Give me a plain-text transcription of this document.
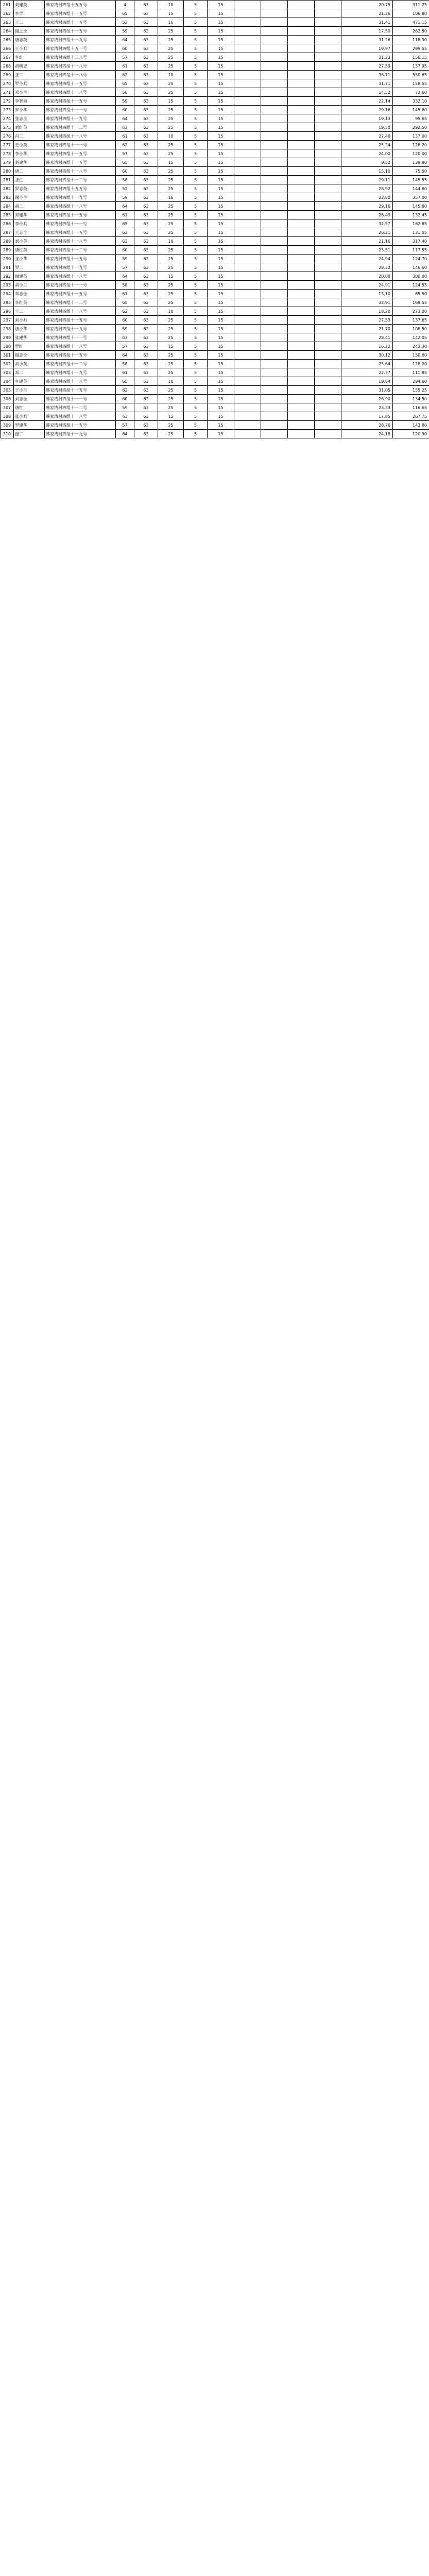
261	刘建英	韩家湾村四组十五五号	4	63	10	5	15					20.75	311.25
262	李学	韩家湾村四组十一五号	65	63	15	5	15					21.36	106.80
263	王二	韩家湾村四组十一五号	52	63	16	5	15					31.41	471.15
264	谢之全	韩家湾村四组十一五号	59	63	25	5	15					17.50	262.50
265	唐志英	韩家湾村四组十一九号	64	63	25	5	15					31.26	118.90
266	王小兵	韩家湾村四组十五一号	60	63	25	5	15					19.97	299.55
267	李红	韩家湾村四组十二八号	57	63	25	5	15					31.23	156.15
268	胡明忠	韩家湾村四组十一八号	61	63	25	5	15					27.59	137.95
269	张二	韩家湾村四组十一八号	62	63	10	5	15					36.71	550.65
270	罗小兵	韩家湾村四组十一五号	65	63	25	5	15					31.71	158.55
271	邓小兰	韩家湾村四组十一八号	58	63	25	5	15					14.52	72.60
272	李智泉	韩家湾村四组十一五号	59	63	15	5	15					22.14	332.10
273	罗小华	韩家湾村四组十一一号	60	63	25	5	15					29.16	145.80
274	张志全	韩家湾村四组十一九号	64	63	25	5	15					19.13	95.65
275	刘红英	韩家湾村四组十一二号	63	63	25	5	15					19.50	292.50
276	肖二	韩家湾村四组十一八号	61	63	10	5	15					27.40	137.00
277	王小英	韩家湾村四组十一一号	62	63	25	5	15					25.24	126.20
278	李小华	韩家湾村四组十一五号	57	63	25	5	15					24.00	120.00
279	刘建华	韩家湾村四组十一五号	65	63	15	5	15					9.32	139.80
280	唐二	韩家湾村四组十一八号	60	63	25	5	15					15.10	75.50
281	张红	韩家湾村四组十一二号	58	63	25	5	15					29.11	145.55
282	罗志英	韩家湾村四组十五五号	52	63	25	5	15					28.92	144.60
283	谢小兰	韩家湾村四组十一九号	59	63	16	5	15					23.80	357.00
284	胡二	韩家湾村四组十一八号	64	63	25	5	15					29.16	145.80
285	邓建华	韩家湾村四组十一五号	61	63	25	5	15					26.49	132.45
286	李小兵	韩家湾村四组十一一号	65	63	25	5	15					32.57	162.85
287	王志全	韩家湾村四组十一五号	62	63	25	5	15					26.21	131.05
288	刘小英	韩家湾村四组十一八号	63	63	10	5	15					21.16	317.40
289	唐红英	韩家湾村四组十一二号	60	63	25	5	15					23.51	117.55
290	张小华	韩家湾村四组十一五号	59	63	25	5	15					24.94	124.70
291	罗二	韩家湾村四组十一九号	57	63	25	5	15					29.32	146.60
292	谢建英	韩家湾村四组十一八号	64	63	15	5	15					20.00	300.00
293	胡小兰	韩家湾村四组十一一号	58	63	25	5	15					24.91	124.55
294	邓志全	韩家湾村四组十一五号	61	63	25	5	15					13.10	65.50
295	李红英	韩家湾村四组十一二号	65	63	25	5	15					33.91	169.55
296	王二	韩家湾村四组十一八号	62	63	10	5	15					18.20	273.00
297	刘小兵	韩家湾村四组十一五号	60	63	25	5	15					27.53	137.65
298	唐小华	韩家湾村四组十一九号	59	63	25	5	15					21.70	108.50
299	张建华	韩家湾村四组十一一号	63	63	25	5	15					28.41	142.05
300	罗红	韩家湾村四组十一八号	57	63	15	5	15					16.22	243.30
301	谢志全	韩家湾村四组十一五号	64	63	25	5	15					30.12	150.60
302	胡小英	韩家湾村四组十一二号	58	63	25	5	15					25.64	128.20
303	邓二	韩家湾村四组十一九号	61	63	25	5	15					22.37	111.85
304	李建英	韩家湾村四组十一八号	65	63	10	5	15					19.64	294.60
305	王小兰	韩家湾村四组十一五号	62	63	25	5	15					31.05	155.25
306	刘志全	韩家湾村四组十一一号	60	63	25	5	15					26.90	134.50
307	唐红	韩家湾村四组十一二号	59	63	25	5	15					23.33	116.65
308	张小兵	韩家湾村四组十一八号	63	63	15	5	15					17.85	267.75
309	罗建华	韩家湾村四组十一五号	57	63	25	5	15					28.76	143.80
310	谢二	韩家湾村四组十一九号	64	63	25	5	15					24.18	120.90
